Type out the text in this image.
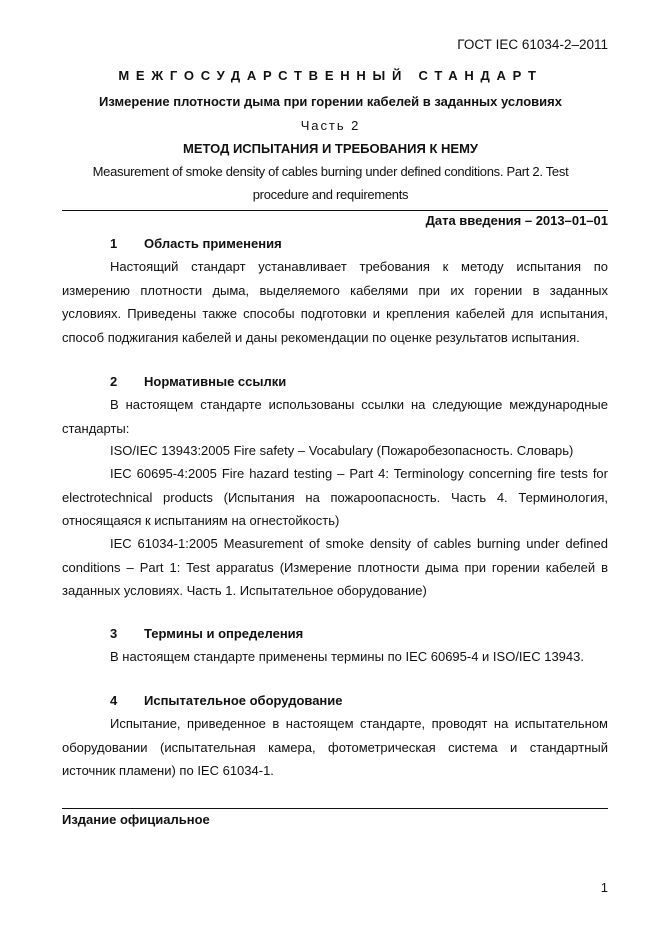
ГОСТ IEC 61034-2–2011

МЕЖГОСУДАРСТВЕННЫЙ СТАНДАРТ

Измерение плотности дыма при горении кабелей в заданных условиях

Часть 2

МЕТОД ИСПЫТАНИЯ И ТРЕБОВАНИЯ К НЕМУ

Measurement of smoke density of cables burning under defined conditions. Part 2. Test

procedure and requirements

Дата введения – 2013–01–01

1 Область применения

Настоящий стандарт устанавливает требования к методу испытания по измерению плотности дыма, выделяемого кабелями при их горении в заданных условиях. Приведены также способы подготовки и крепления кабелей для испытания, способ поджигания кабелей и даны рекомендации по оценке результатов испытания.

2 Нормативные ссылки

В настоящем стандарте использованы ссылки на следующие международные стандарты:

ISO/IEC 13943:2005 Fire safety – Vocabulary (Пожаробезопасность. Словарь)

IEC 60695-4:2005 Fire hazard testing – Part 4: Terminology concerning fire tests for electrotechnical products (Испытания на пожароопасность. Часть 4. Терминология, относящаяся к испытаниям на огнестойкость)

IEC 61034-1:2005 Measurement of smoke density of cables burning under defined conditions – Part 1: Test apparatus (Измерение плотности дыма при горении кабелей в заданных условиях. Часть 1. Испытательное оборудование)

3 Термины и определения

В настоящем стандарте применены термины по IEC 60695-4 и ISO/IEC 13943.

4 Испытательное оборудование

Испытание, приведенное в настоящем стандарте, проводят на испытательном оборудовании (испытательная камера, фотометрическая система и стандартный источник пламени) по IEC 61034-1.

Издание официальное

1
